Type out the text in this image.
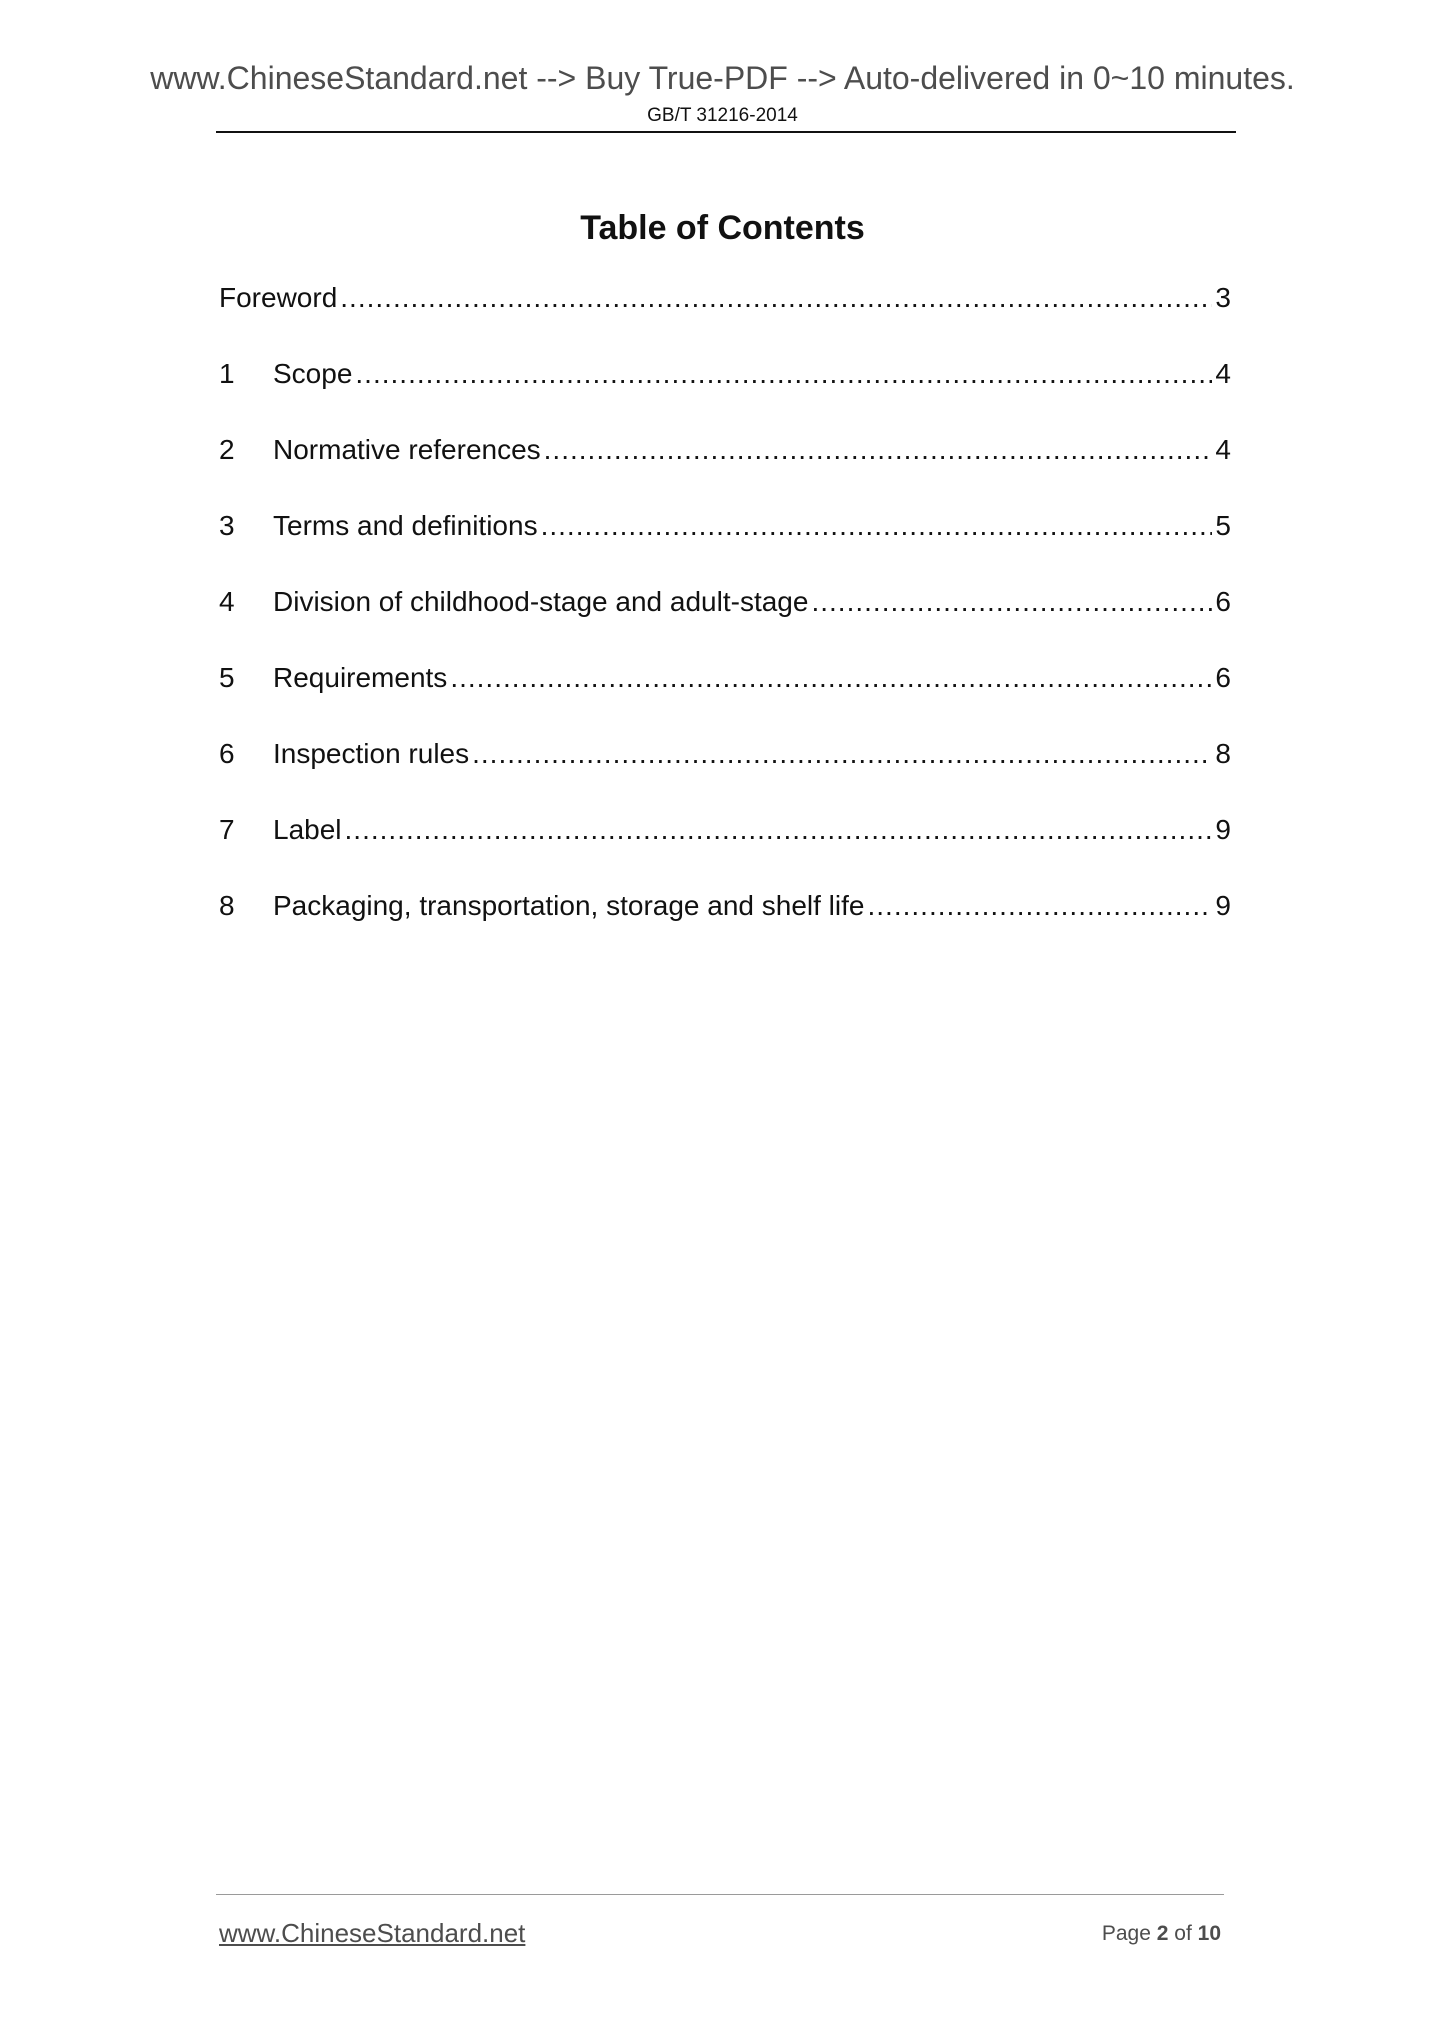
www.ChineseStandard.net --> Buy True-PDF --> Auto-delivered in 0~10 minutes.
GB/T 31216-2014
Table of Contents
Foreword .....	3
1	Scope .....	4
2	Normative references .....	4
3	Terms and definitions .....	5
4	Division of childhood-stage and adult-stage .....	6
5	Requirements .....	6
6	Inspection rules .....	8
7	Label .....	9
8	Packaging, transportation, storage and shelf life .....	9
www.ChineseStandard.net	Page 2 of 10
